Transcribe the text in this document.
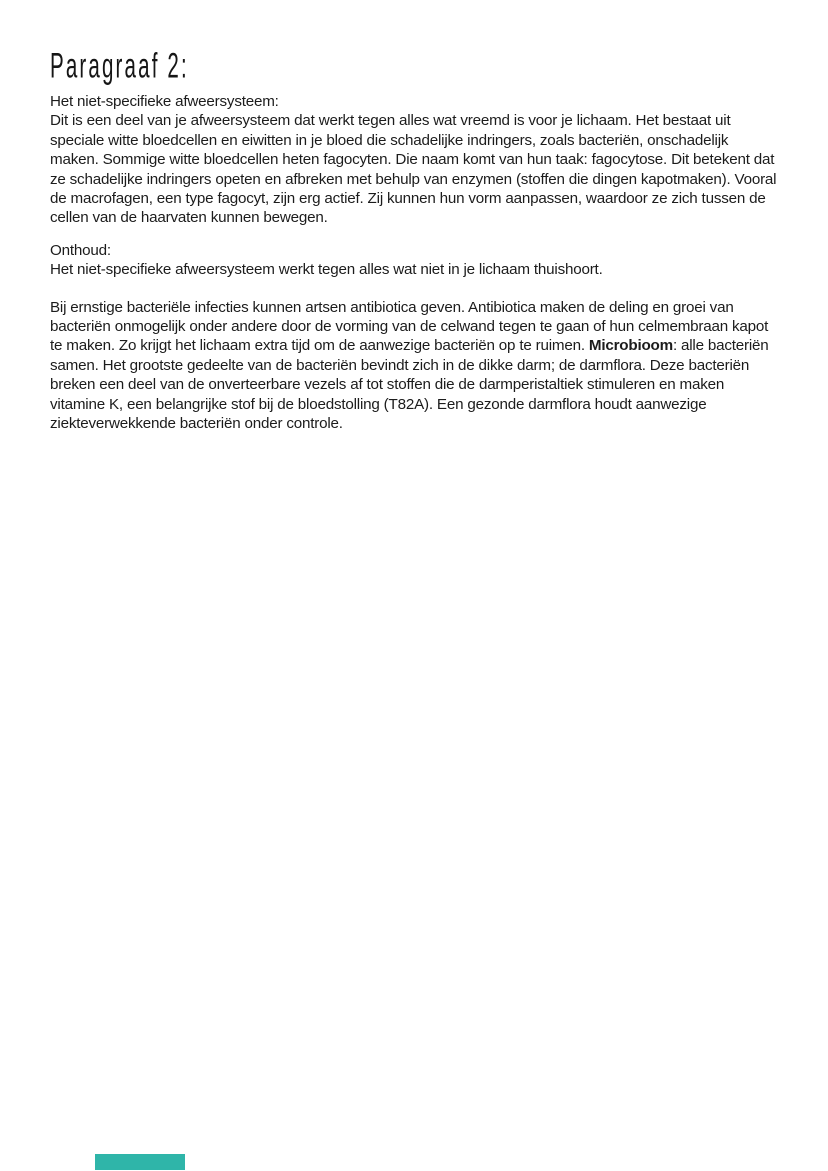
Paragraaf 2:
Het niet-specifieke afweersysteem:
Dit is een deel van je afweersysteem dat werkt tegen alles wat vreemd is voor je lichaam. Het bestaat uit
speciale witte bloedcellen en eiwitten in je bloed die schadelijke indringers, zoals bacteriën, onschadelijk
maken. Sommige witte bloedcellen heten fagocyten. Die naam komt van hun taak: fagocytose. Dit betekent dat
ze schadelijke indringers opeten en afbreken met behulp van enzymen (stoffen die dingen kapotmaken). Vooral
de macrofagen, een type fagocyt, zijn erg actief. Zij kunnen hun vorm aanpassen, waardoor ze zich tussen de
cellen van de haarvaten kunnen bewegen.
Onthoud:
Het niet-specifieke afweersysteem werkt tegen alles wat niet in je lichaam thuishoort.
Bij ernstige bacteriële infecties kunnen artsen antibiotica geven. Antibiotica maken de deling en groei van
bacteriën onmogelijk onder andere door de vorming van de celwand tegen te gaan of hun celmembraan kapot
te maken. Zo krijgt het lichaam extra tijd om de aanwezige bacteriën op te ruimen. Microbioom: alle bacteriën
samen. Het grootste gedeelte van de bacteriën bevindt zich in de dikke darm; de darmflora. Deze bacteriën
breken een deel van de onverteerbare vezels af tot stoffen die de darmperistaltiek stimuleren en maken
vitamine K, een belangrijke stof bij de bloedstolling (T82A). Een gezonde darmflora houdt aanwezige
ziekteverwekkende bacteriën onder controle.
